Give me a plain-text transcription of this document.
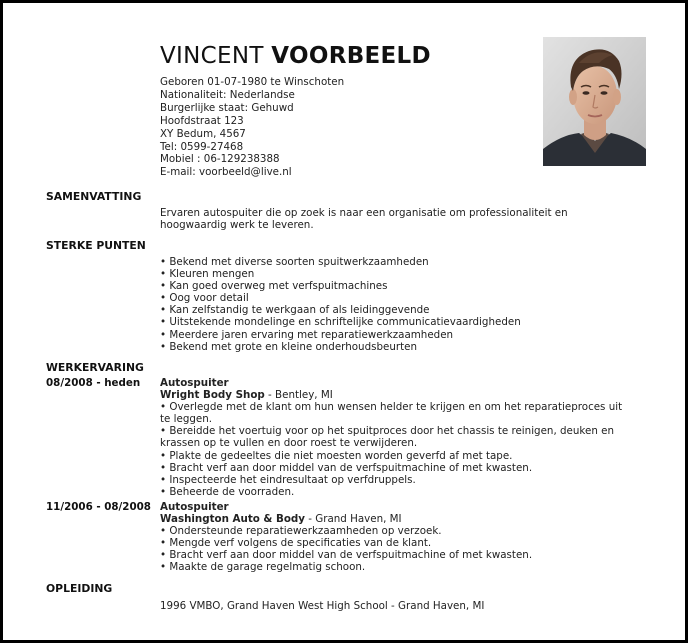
VINCENT VOORBEELD
Geboren 01-07-1980 te Winschoten
Nationaliteit: Nederlandse
Burgerlijke staat: Gehuwd
Hoofdstraat 123
XY Bedum, 4567
Tel: 0599-27468
Mobiel : 06-129238388
E-mail: voorbeeld@live.nl
SAMENVATTING
Ervaren autospuiter die op zoek is naar een organisatie om professionaliteit en
hoogwaardig werk te leveren.
STERKE PUNTEN
• Bekend met diverse soorten spuitwerkzaamheden
• Kleuren mengen
• Kan goed overweg met verfspuitmachines
• Oog voor detail
• Kan zelfstandig te werkgaan of als leidinggevende
• Uitstekende mondelinge en schriftelijke communicatievaardigheden
• Meerdere jaren ervaring met reparatiewerkzaamheden
• Bekend met grote en kleine onderhoudsbeurten
WERKERVARING
08/2008 - heden Autospuiter
Wright Body Shop - Bentley, MI
• Overlegde met de klant om hun wensen helder te krijgen en om het reparatieproces uit
te leggen.
• Bereidde het voertuig voor op het spuitproces door het chassis te reinigen, deuken en
krassen op te vullen en door roest te verwijderen.
• Plakte de gedeeltes die niet moesten worden geverfd af met tape.
• Bracht verf aan door middel van de verfspuitmachine of met kwasten.
• Inspecteerde het eindresultaat op verfdruppels.
• Beheerde de voorraden.
11/2006 - 08/2008 Autospuiter
Washington Auto & Body - Grand Haven, MI
• Ondersteunde reparatiewerkzaamheden op verzoek.
• Mengde verf volgens de specificaties van de klant.
• Bracht verf aan door middel van de verfspuitmachine of met kwasten.
• Maakte de garage regelmatig schoon.
OPLEIDING
1996 VMBO, Grand Haven West High School - Grand Haven, MI
